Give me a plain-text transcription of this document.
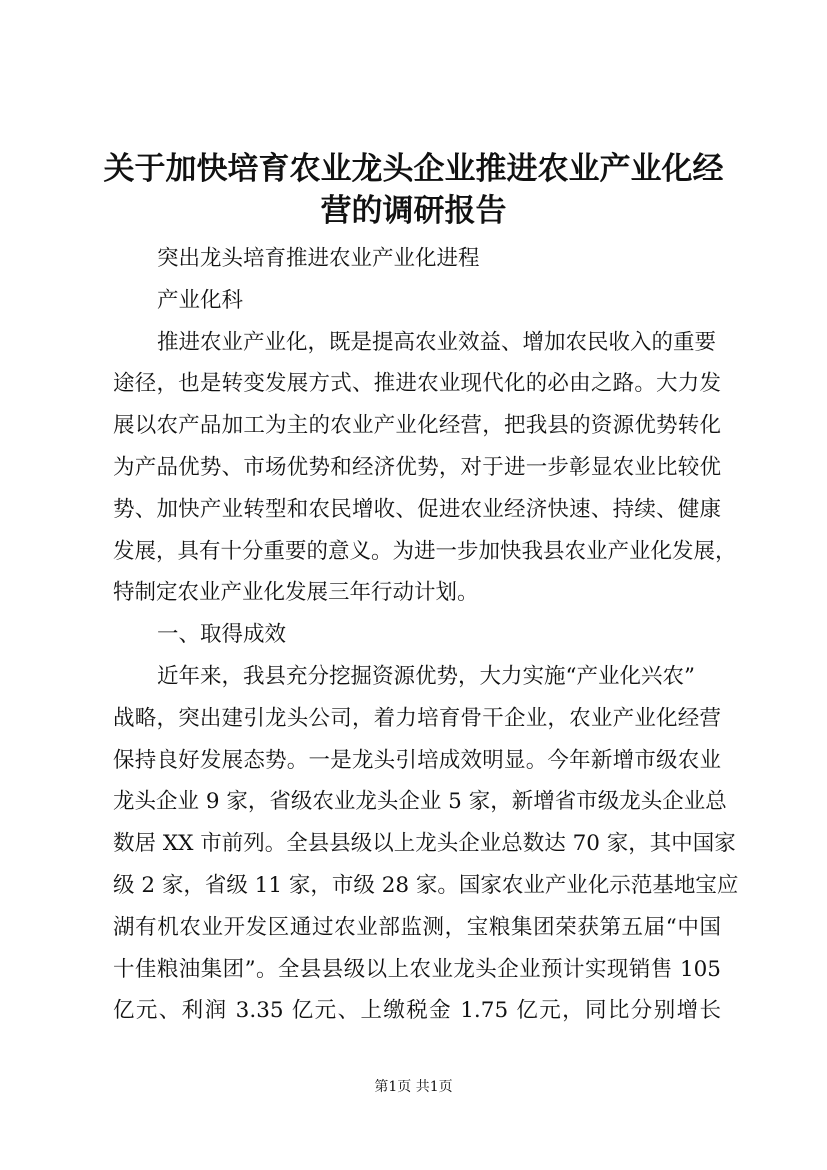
关于加快培育农业龙头企业推进农业产业化经
营的调研报告
突出龙头培育推进农业产业化进程
产业化科
推进农业产业化，既是提高农业效益、增加农民收入的重要
途径，也是转变发展方式、推进农业现代化的必由之路。大力发
展以农产品加工为主的农业产业化经营，把我县的资源优势转化
为产品优势、市场优势和经济优势，对于进一步彰显农业比较优
势、加快产业转型和农民增收、促进农业经济快速、持续、健康
发展，具有十分重要的意义。为进一步加快我县农业产业化发展，
特制定农业产业化发展三年行动计划。
一、取得成效
近年来，我县充分挖掘资源优势，大力实施“产业化兴农”
战略，突出建引龙头公司，着力培育骨干企业，农业产业化经营
保持良好发展态势。一是龙头引培成效明显。今年新增市级农业
龙头企业 9 家，省级农业龙头企业 5 家，新增省市级龙头企业总
数居 XX 市前列。全县县级以上龙头企业总数达 70 家，其中国家
级 2 家，省级 11 家，市级 28 家。国家农业产业化示范基地宝应
湖有机农业开发区通过农业部监测，宝粮集团荣获第五届“中国
十佳粮油集团”。全县县级以上农业龙头企业预计实现销售 105
亿元、利润 3.35 亿元、上缴税金 1.75 亿元，同比分别增长
第1页 共1页
